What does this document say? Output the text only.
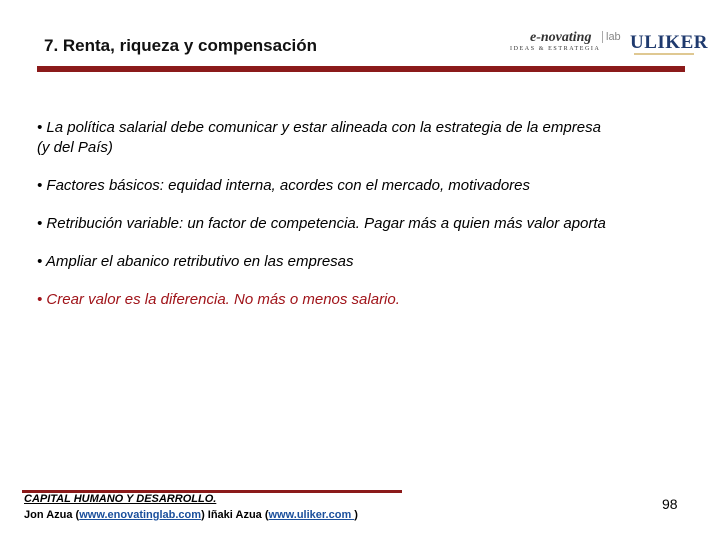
7. Renta, riqueza y compensación	e-novating	lab
IDEAS & ESTRATEGIA ULIKER
• La política salarial debe comunicar y estar alineada con la estrategia de la empresa
(y del País)
• Factores básicos: equidad interna, acordes con el mercado, motivadores
• Retribución variable: un factor de competencia. Pagar más a quien más valor aporta
• Ampliar el abanico retributivo en las empresas
• Crear valor es la diferencia. No más o menos salario.
CAPITAL HUMANO Y DESARROLLO.
Jon Azua (www.enovatinglab.com) Iñaki Azua (www.uliker.com )
98
